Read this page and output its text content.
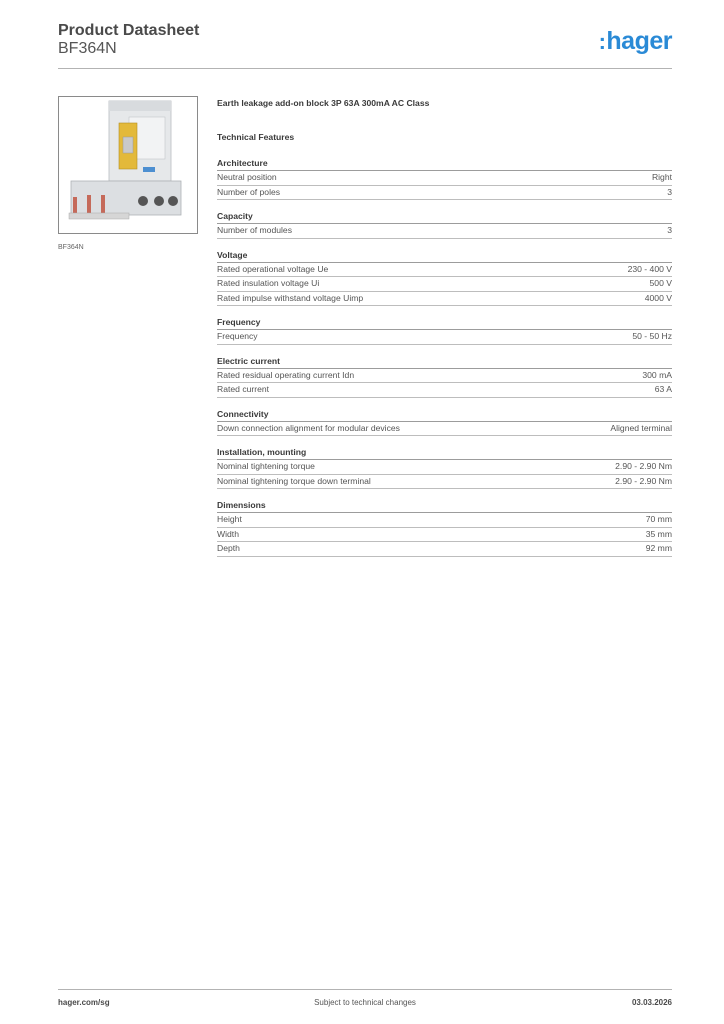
Product Datasheet
BF364N	:hager
BF364N
Earth leakage add-on block 3P 63A 300mA AC Class
Technical Features
Architecture
Neutral position	Right
Number of poles	3
Capacity
Number of modules	3
Voltage
Rated operational voltage Ue	230 - 400 V
Rated insulation voltage Ui	500 V
Rated impulse withstand voltage Uimp	4000 V
Frequency
Frequency	50 - 50 Hz
Electric current
Rated residual operating current Idn	300 mA
Rated current	63 A
Connectivity
Down connection alignment for modular devices	Aligned terminal
Installation, mounting
Nominal tightening torque	2.90 - 2.90 Nm
Nominal tightening torque down terminal	2.90 - 2.90 Nm
Dimensions
Height	70 mm
Width	35 mm
Depth	92 mm
hager.com/sg	Subject to technical changes	03.03.2026
